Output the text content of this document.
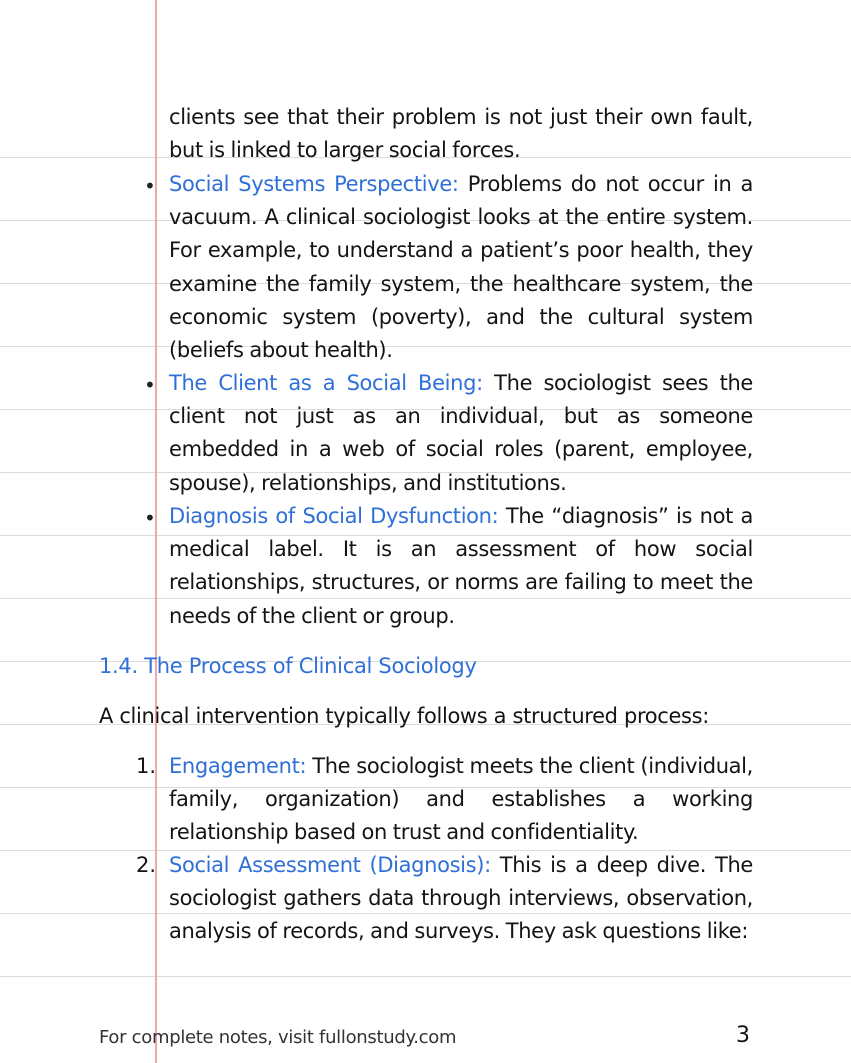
clients see that their problem is not just their own fault, but is linked to larger social forces.
• Social Systems Perspective: Problems do not occur in a vacuum. A clinical sociologist looks at the entire system. For example, to understand a patient’s poor health, they examine the family system, the healthcare system, the economic system (poverty), and the cultural system (beliefs about health).
• The Client as a Social Being: The sociologist sees the client not just as an individual, but as someone embedded in a web of social roles (parent, employee, spouse), relationships, and institutions.
• Diagnosis of Social Dysfunction: The “diagnosis” is not a medical label. It is an assessment of how social relationships, structures, or norms are failing to meet the needs of the client or group.
1.4. The Process of Clinical Sociology
A clinical intervention typically follows a structured process:
1. Engagement: The sociologist meets the client (individual, family, organization) and establishes a working relationship based on trust and confidentiality.
2. Social Assessment (Diagnosis): This is a deep dive. The sociologist gathers data through interviews, observation, analysis of records, and surveys. They ask questions like:
For complete notes, visit fullonstudy.com	3
